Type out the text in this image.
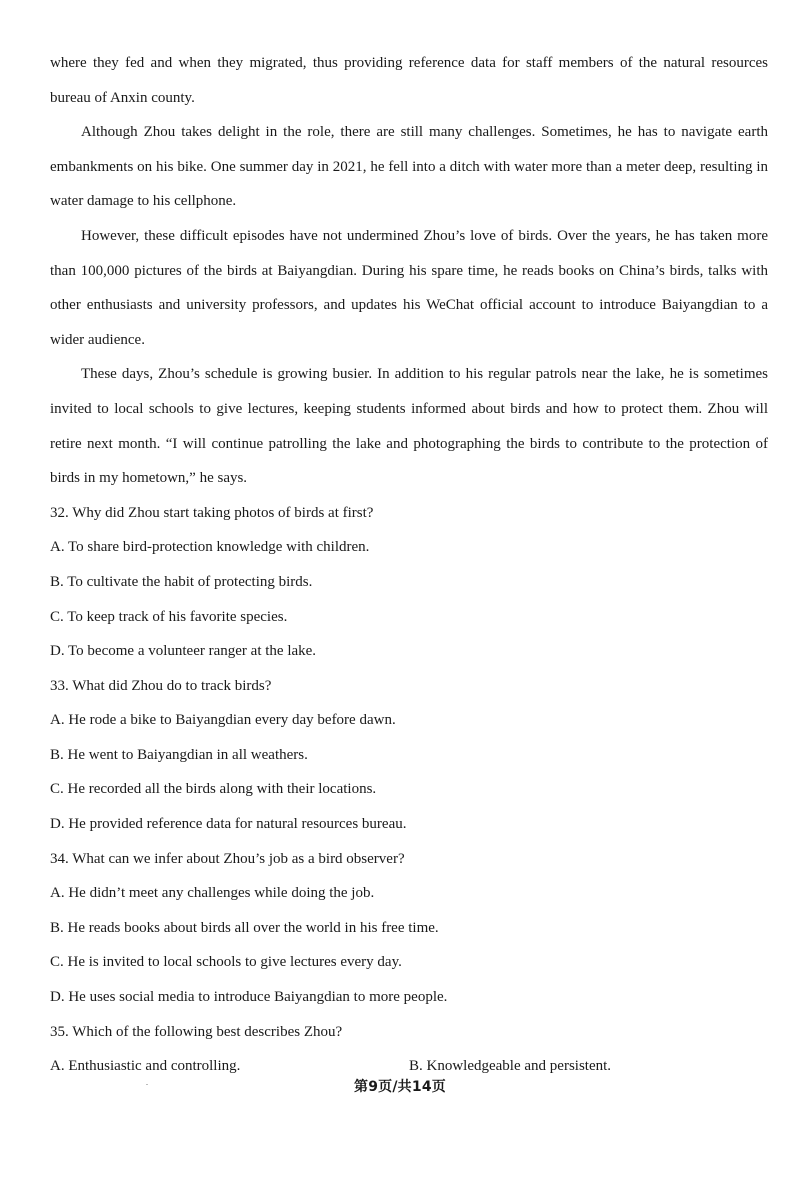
where they fed and when they migrated, thus providing reference data for staff members of the natural resources bureau of Anxin county.

Although Zhou takes delight in the role, there are still many challenges. Sometimes, he has to navigate earth embankments on his bike. One summer day in 2021, he fell into a ditch with water more than a meter deep, resulting in water damage to his cellphone.

However, these difficult episodes have not undermined Zhou’s love of birds. Over the years, he has taken more than 100,000 pictures of the birds at Baiyangdian. During his spare time, he reads books on China’s birds, talks with other enthusiasts and university professors, and updates his WeChat official account to introduce Baiyangdian to a wider audience.

These days, Zhou’s schedule is growing busier. In addition to his regular patrols near the lake, he is sometimes invited to local schools to give lectures, keeping students informed about birds and how to protect them. Zhou will retire next month. “I will continue patrolling the lake and photographing the birds to contribute to the protection of birds in my hometown,” he says.

32. Why did Zhou start taking photos of birds at first?

A. To share bird-protection knowledge with children.

B. To cultivate the habit of protecting birds.

C. To keep track of his favorite species.

D. To become a volunteer ranger at the lake.

33. What did Zhou do to track birds?

A. He rode a bike to Baiyangdian every day before dawn.

B. He went to Baiyangdian in all weathers.

C. He recorded all the birds along with their locations.

D. He provided reference data for natural resources bureau.

34. What can we infer about Zhou’s job as a bird observer?

A. He didn’t meet any challenges while doing the job.

B. He reads books about birds all over the world in his free time.

C. He is invited to local schools to give lectures every day.

D. He uses social media to introduce Baiyangdian to more people.

35. Which of the following best describes Zhou?

A. Enthusiastic and controlling.	B. Knowledgeable and persistent.
第9页/共14页
